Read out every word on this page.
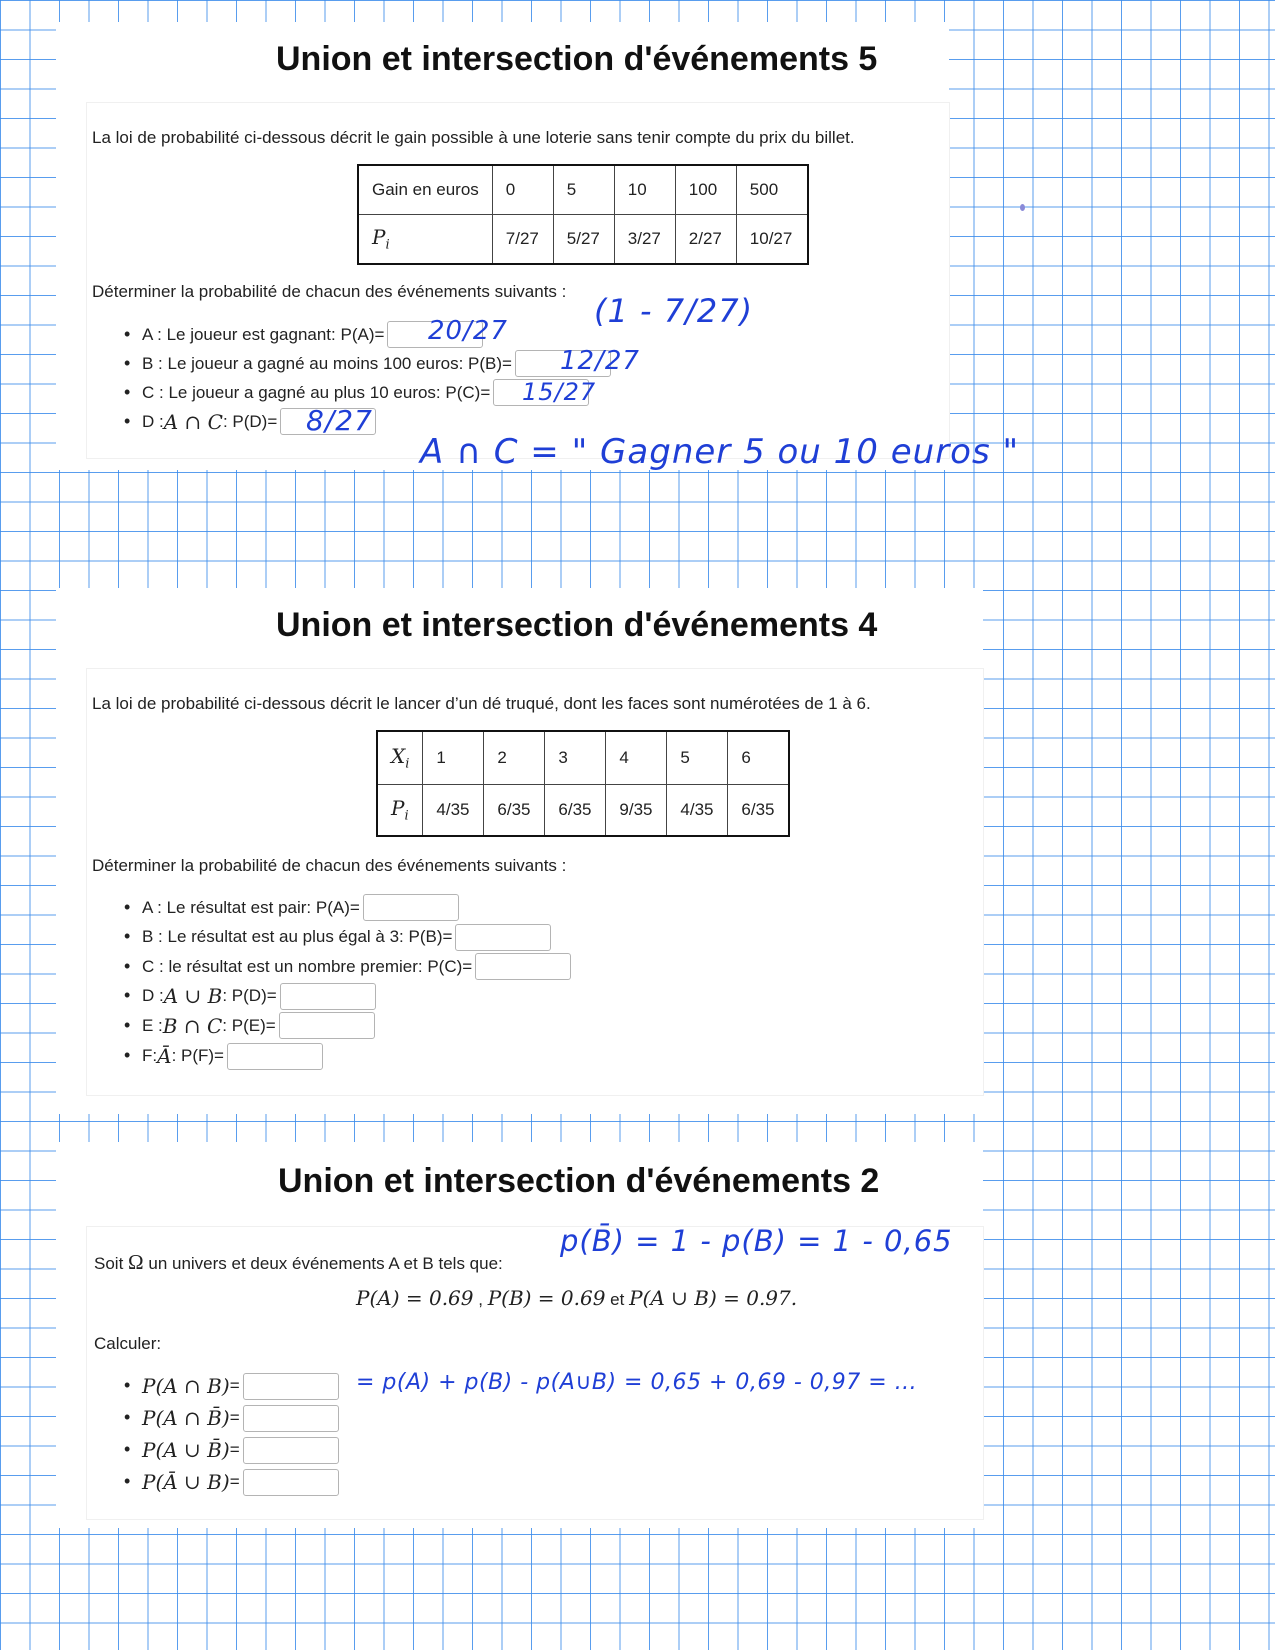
Union et intersection d'événements 5
La loi de probabilité ci-dessous décrit le gain possible à une loterie sans tenir compte du prix du billet.
Gain en euros	0	5	10	100	500
$P_i$	7/27	5/27	3/27	2/27	10/27
Déterminer la probabilité de chacun des événements suivants :
• A : Le joueur est gagnant: P(A)=
• B : Le joueur a gagné au moins 100 euros: P(B)=
• C : Le joueur a gagné au plus 10 euros: P(C)=
• D : A ∩ C : P(D)=
20/27
12/27
15/27
8/27
(1 - 7/27)
A ∩ C = " Gagner 5 ou 10 euros "
Union et intersection d'événements 4
La loi de probabilité ci-dessous décrit le lancer d’un dé truqué, dont les faces sont numérotées de 1 à 6.
$X_i$	1	2	3	4	5	6
$P_i$	4/35	6/35	6/35	9/35	4/35	6/35
Déterminer la probabilité de chacun des événements suivants :
• A : Le résultat est pair: P(A)=
• B : Le résultat est au plus égal à 3: P(B)=
• C : le résultat est un nombre premier: P(C)=
• D : A ∪ B : P(D)=
• E : B ∩ C : P(E)=
• F: Ā : P(F)=
Union et intersection d'événements 2
Soit Ω un univers et deux événements A et B tels que:
P(A) = 0.69 , P(B) = 0.69 et P(A ∪ B) = 0.97.
Calculer:
• P(A ∩ B) =
• P(A ∩ B̄) =
• P(A ∪ B̄) =
• P(Ā ∪ B) =
p(B̄) = 1 - p(B) = 1 - 0,65
= p(A) + p(B) - p(A∪B) = 0,65 + 0,69 - 0,97 = ...
